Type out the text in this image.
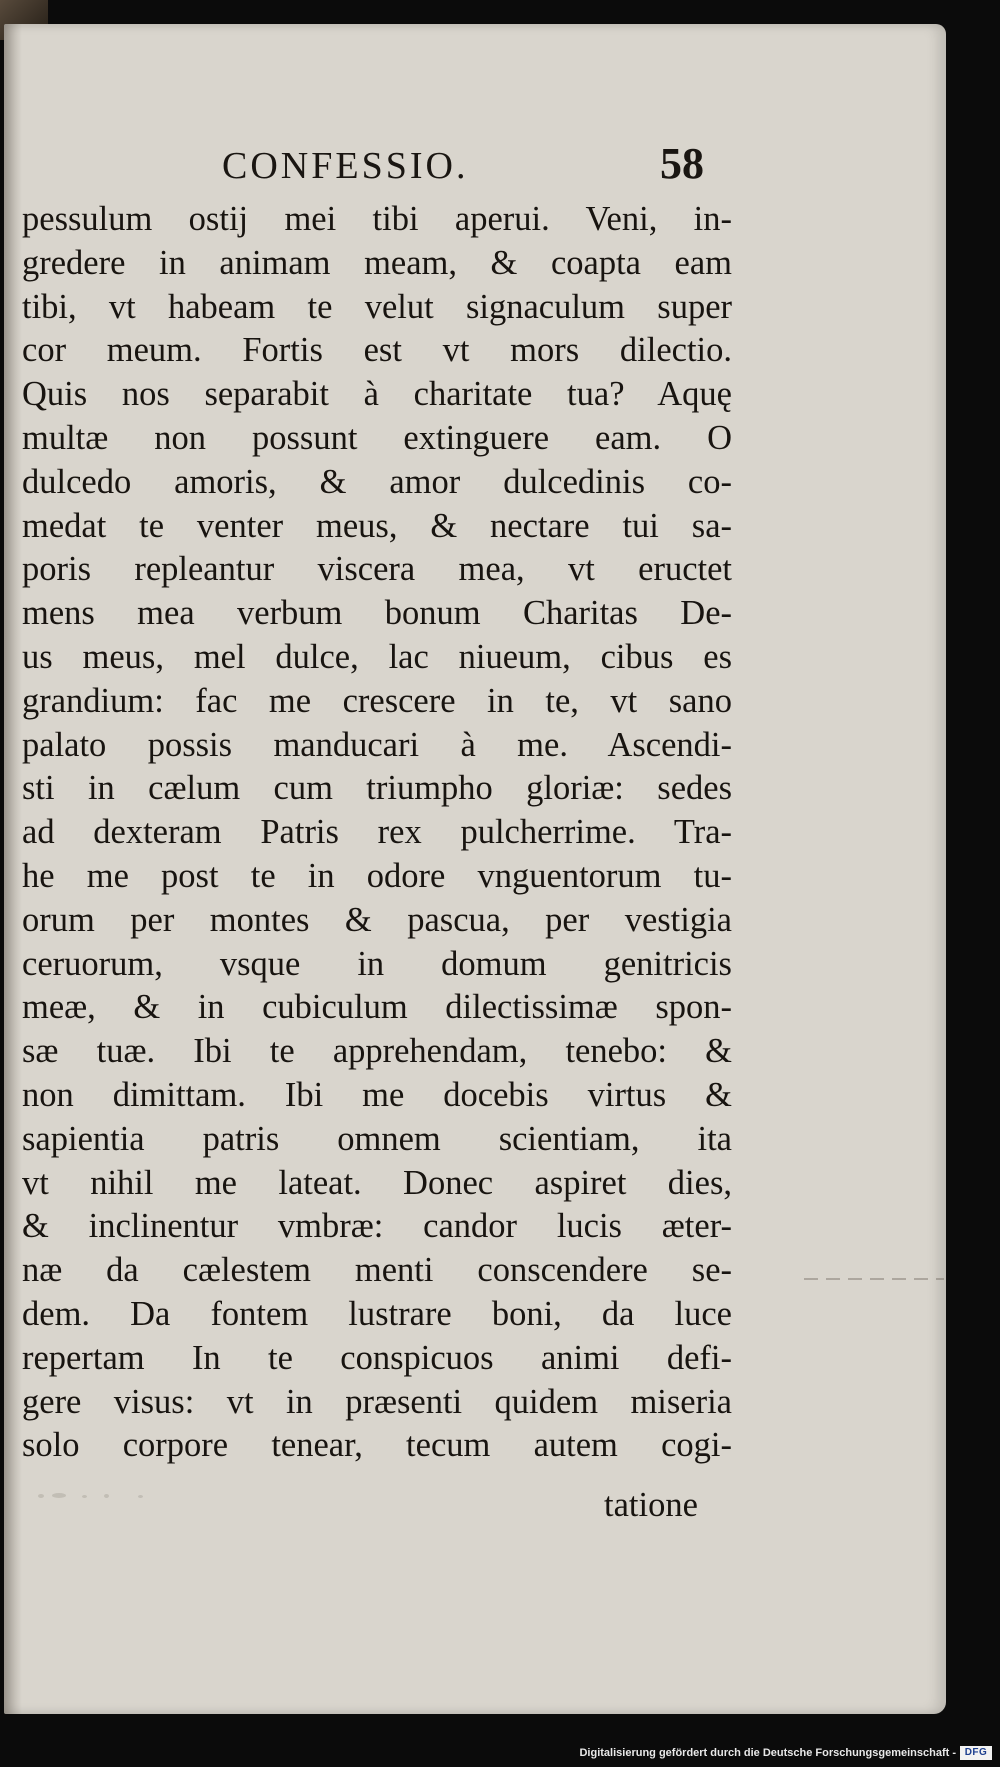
CONFESSIO.	58
pessulum ostij mei tibi aperui. Veni, in-
gredere in animam meam, & coapta eam
tibi, vt habeam te velut signaculum super
cor meum. Fortis est vt mors dilectio.
Quis nos separabit à charitate tua? Aquę
multæ non possunt extinguere eam. O
dulcedo amoris, & amor dulcedinis co-
medat te venter meus, & nectare tui sa-
poris repleantur viscera mea, vt eructet
mens mea verbum bonum Charitas De-
us meus, mel dulce, lac niueum, cibus es
grandium: fac me crescere in te, vt sano
palato possis manducari à me. Ascendi-
sti in cælum cum triumpho gloriæ: sedes
ad dexteram Patris rex pulcherrime. Tra-
he me post te in odore vnguentorum tu-
orum per montes & pascua, per vestigia
ceruorum, vsque in domum genitricis
meæ, & in cubiculum dilectissimæ spon-
sæ tuæ. Ibi te apprehendam, tenebo: &
non dimittam. Ibi me docebis virtus &
sapientia patris omnem scientiam, ita
vt nihil me lateat. Donec aspiret dies,
& inclinentur vmbræ: candor lucis æter-
næ da cælestem menti conscendere se-
dem. Da fontem lustrare boni, da luce
repertam In te conspicuos animi defi-
gere visus: vt in præsenti quidem miseria
solo corpore tenear, tecum autem cogi-
tatione
Digitalisierung gefördert durch die Deutsche Forschungsgemeinschaft - DFG
